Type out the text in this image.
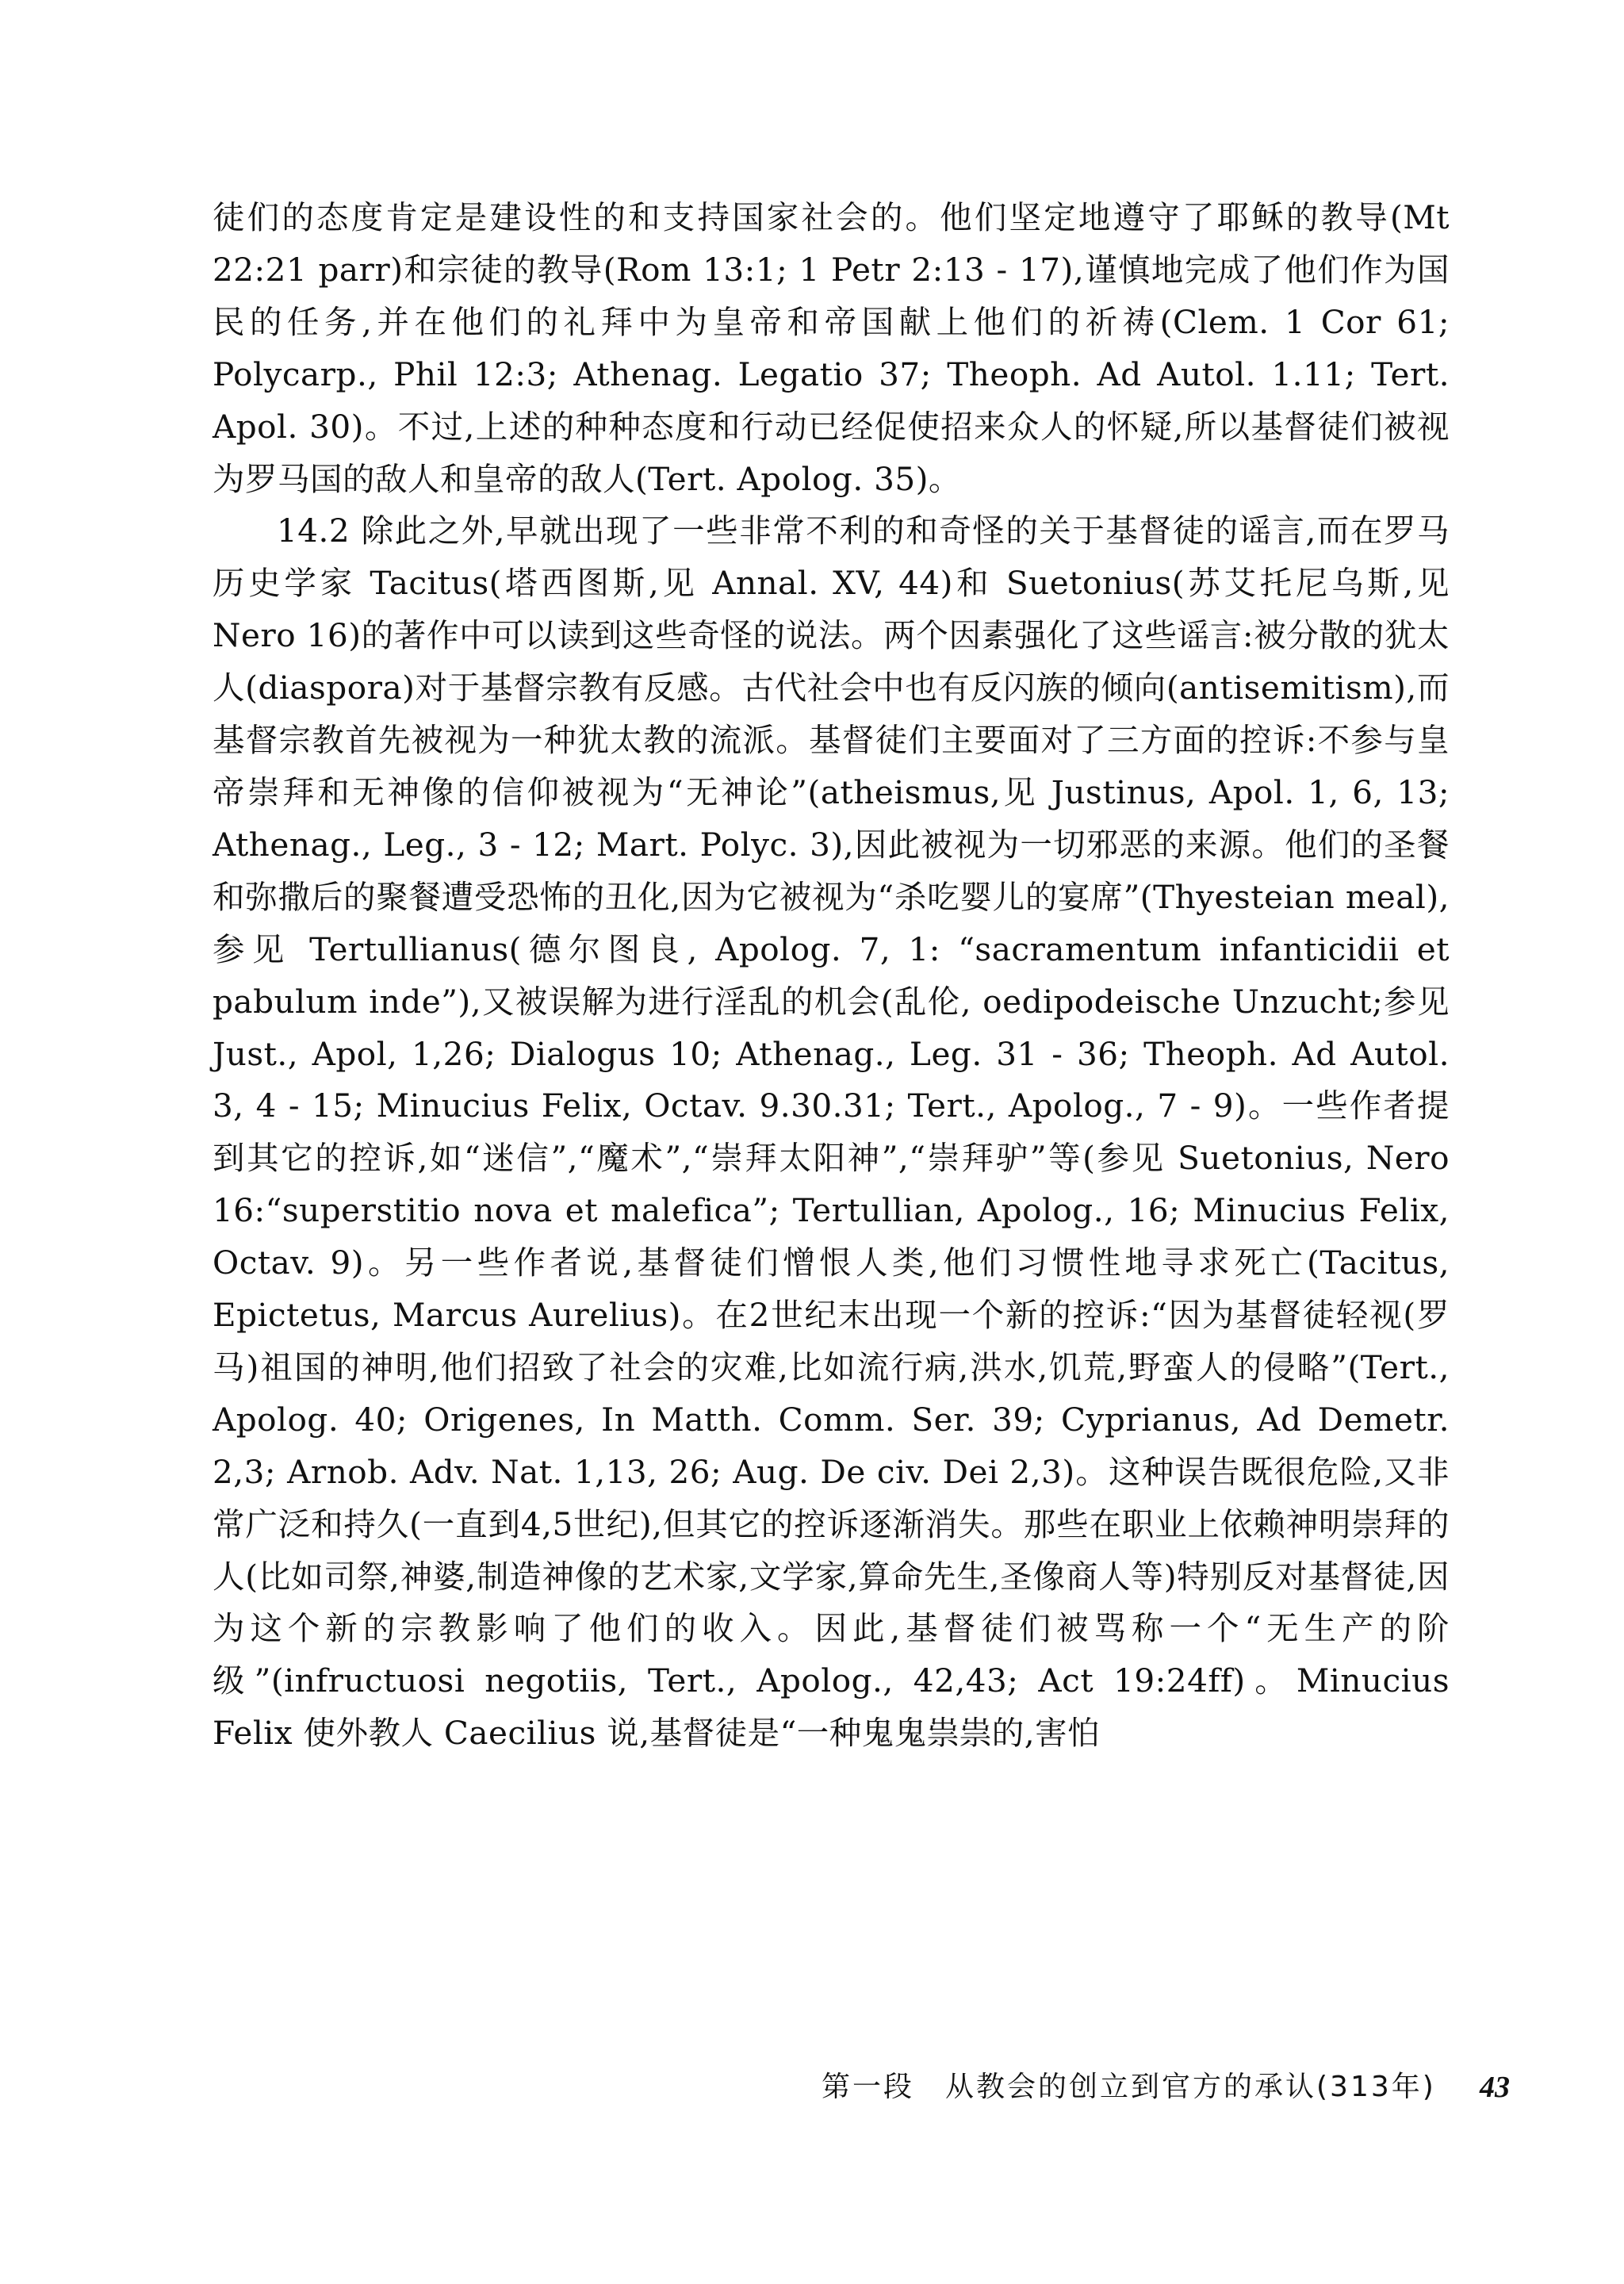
徒们的态度肯定是建设性的和支持国家社会的。他们坚定地遵守了耶稣的教导(Mt 22:21 parr)和宗徒的教导(Rom 13:1; 1 Petr 2:13 - 17),谨慎地完成了他们作为国民的任务,并在他们的礼拜中为皇帝和帝国献上他们的祈祷(Clem. 1 Cor 61; Polycarp., Phil 12:3; Athenag. Legatio 37; Theoph. Ad Autol. 1.11; Tert. Apol. 30)。不过,上述的种种态度和行动已经促使招来众人的怀疑,所以基督徒们被视为罗马国的敌人和皇帝的敌人(Tert. Apolog. 35)。

14.2 除此之外,早就出现了一些非常不利的和奇怪的关于基督徒的谣言,而在罗马历史学家 Tacitus(塔西图斯,见 Annal. XV, 44)和 Suetonius(苏艾托尼乌斯,见 Nero 16)的著作中可以读到这些奇怪的说法。两个因素强化了这些谣言:被分散的犹太人(diaspora)对于基督宗教有反感。古代社会中也有反闪族的倾向(antisemitism),而基督宗教首先被视为一种犹太教的流派。基督徒们主要面对了三方面的控诉:不参与皇帝崇拜和无神像的信仰被视为“无神论”(atheismus,见 Justinus, Apol. 1, 6, 13; Athenag., Leg., 3 - 12; Mart. Polyc. 3),因此被视为一切邪恶的来源。他们的圣餐和弥撒后的聚餐遭受恐怖的丑化,因为它被视为“杀吃婴儿的宴席”(Thyesteian meal),参见 Tertullianus(德尔图良, Apolog. 7, 1: “sacramentum infanticidii et pabulum inde”),又被误解为进行淫乱的机会(乱伦, oedipodeische Unzucht;参见 Just., Apol, 1,26; Dialogus 10; Athenag., Leg. 31 - 36; Theoph. Ad Autol. 3, 4 - 15; Minucius Felix, Octav. 9.30.31; Tert., Apolog., 7 - 9)。一些作者提到其它的控诉,如“迷信”,“魔术”,“崇拜太阳神”,“崇拜驴”等(参见 Suetonius, Nero 16:“superstitio nova et malefica”; Tertullian, Apolog., 16; Minucius Felix, Octav. 9)。另一些作者说,基督徒们憎恨人类,他们习惯性地寻求死亡(Tacitus, Epictetus, Marcus Aurelius)。在2世纪末出现一个新的控诉:“因为基督徒轻视(罗马)祖国的神明,他们招致了社会的灾难,比如流行病,洪水,饥荒,野蛮人的侵略”(Tert., Apolog. 40; Origenes, In Matth. Comm. Ser. 39; Cyprianus, Ad Demetr. 2,3; Arnob. Adv. Nat. 1,13, 26; Aug. De civ. Dei 2,3)。这种误告既很危险,又非常广泛和持久(一直到4,5世纪),但其它的控诉逐渐消失。那些在职业上依赖神明崇拜的人(比如司祭,神婆,制造神像的艺术家,文学家,算命先生,圣像商人等)特别反对基督徒,因为这个新的宗教影响了他们的收入。因此,基督徒们被骂称一个“无生产的阶级”(infructuosi negotiis, Tert., Apolog., 42,43; Act 19:24ff)。Minucius Felix 使外教人 Caecilius 说,基督徒是“一种鬼鬼祟祟的,害怕

第一段　从教会的创立到官方的承认(313年) 43
